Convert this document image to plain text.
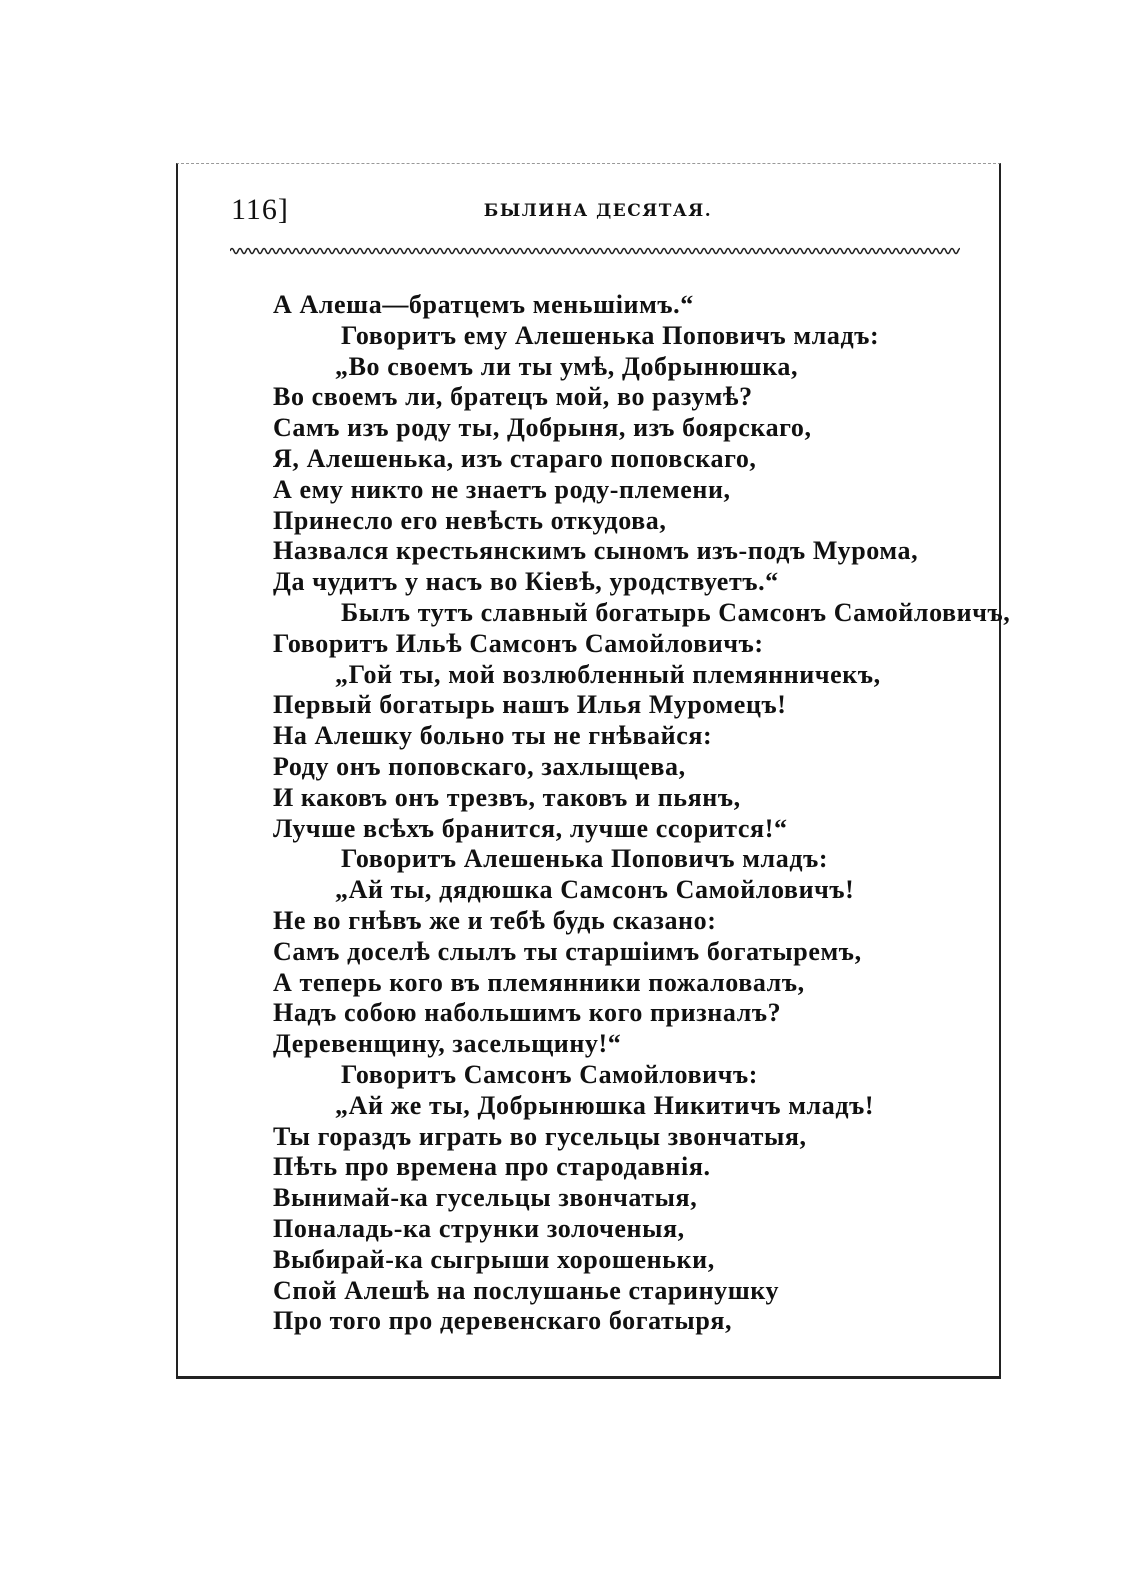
116]	БЫЛИНА ДЕСЯТАЯ.
А Алеша—братцемъ меньшіимъ.“
Говоритъ ему Алешенька Поповичъ младъ:
„Во своемъ ли ты умѣ, Добрынюшка,
Во своемъ ли, братецъ мой, во разумѣ?
Самъ изъ роду ты, Добрыня, изъ боярскаго,
Я, Алешенька, изъ стараго поповскаго,
А ему никто не знаетъ роду-племени,
Принесло его невѣсть откудова,
Назвался крестьянскимъ сыномъ изъ-подъ Мурома,
Да чудитъ у насъ во Кіевѣ, уродствуетъ.“
Былъ тутъ славный богатырь Самсонъ Самойловичъ,
Говоритъ Ильѣ Самсонъ Самойловичъ:
„Гой ты, мой возлюбленный племянничекъ,
Первый богатырь нашъ Илья Муромецъ!
На Алешку больно ты не гнѣвайся:
Роду онъ поповскаго, захлыщева,
И каковъ онъ трезвъ, таковъ и пьянъ,
Лучше всѣхъ бранится, лучше ссорится!“
Говоритъ Алешенька Поповичъ младъ:
„Ай ты, дядюшка Самсонъ Самойловичъ!
Не во гнѣвъ же и тебѣ будь сказано:
Самъ доселѣ слылъ ты старшіимъ богатыремъ,
А теперь кого въ племянники пожаловалъ,
Надъ собою набольшимъ кого призналъ?
Деревенщину, засельщину!“
Говоритъ Самсонъ Самойловичъ:
„Ай же ты, Добрынюшка Никитичъ младъ!
Ты гораздъ играть во гусельцы звончатыя,
Пѣть про времена про стародавнія.
Вынимай-ка гусельцы звончатыя,
Поналадь-ка струнки золоченыя,
Выбирай-ка сыгрыши хорошеньки,
Спой Алешѣ на послушанье старинушку
Про того про деревенскаго богатыря,
